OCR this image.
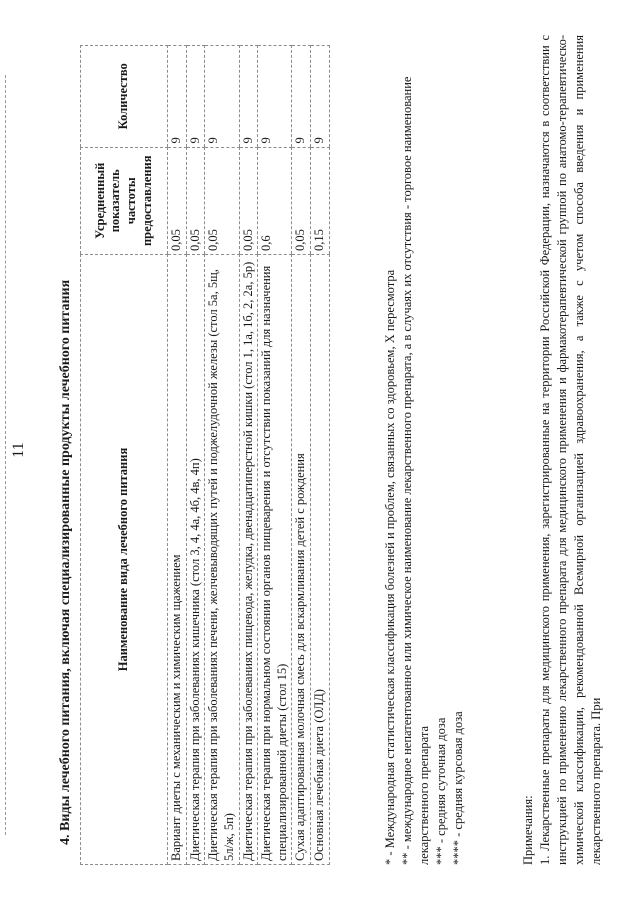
11 4. Виды лечебного питания, включая специализированные продукты лечебного питания	Наименование вида лечебного питания	Усредненный показатель частоты предоставления	Количество
Вариант диеты с механическим и химическим щажением	0,05	9
Диетическая терапия при заболеваниях кишечника (стол 3, 4, 4а, 4б, 4в, 4п)	0,05	9
Диетическая терапия при заболеваниях печени, желчевыводящих путей и поджелудочной железы (стол 5а, 5щ, 5л/ж, 5п)	0,05	9
Диетическая терапия при заболеваниях пищевода, желудка, двенадцатиперстной кишки (стол 1, 1а, 1б, 2, 2а, 5р)	0,05	9
Диетическая терапия при нормальном состоянии органов пищеварения и отсутствии показаний для назначения специализированной диеты (стол 15)	0,6	9
Сухая адаптированная молочная смесь для вскармливания детей с рождения	0,05	9
Основная лечебная диета (ОЛД)	0,15	9
* - Международная статистическая классификация болезней и проблем, связанных со здоровьем, X пересмотра ** - международное непатентованное или химическое наименование лекарственного препарата, а в случаях их отсутствия - торговое наименование лекарственного препарата *** - средняя суточная доза **** - средняя курсовая доза	Примечания: 1. Лекарственные препараты для медицинского применения, зарегистрированные на территории Российской Федерации, назначаются в соответствии с инструкцией по применению лекарственного препарата для медицинского применения и фармакотерапевтической группой по анатомо-терапевтическо-химической классификации, рекомендованной Всемирной организацией здравоохранения, а также с учетом способа введения и применения лекарственного препарата. При
